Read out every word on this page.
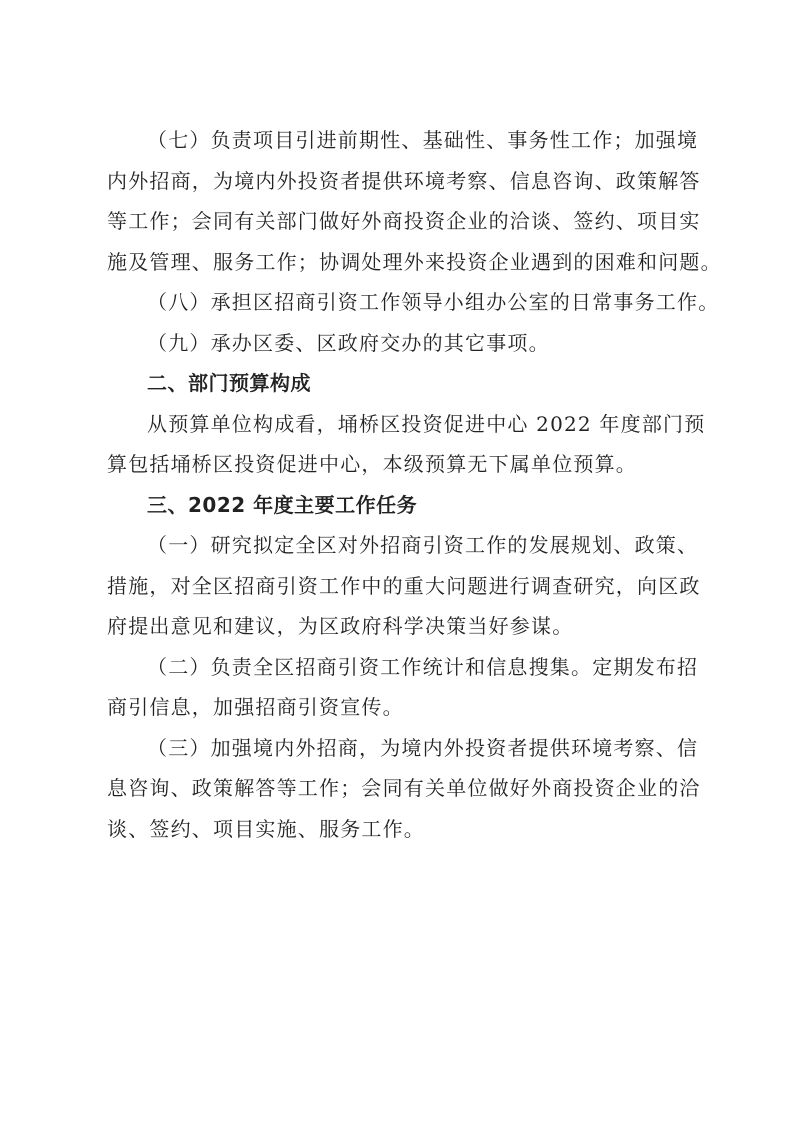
（七）负责项目引进前期性、基础性、事务性工作；加强境
内外招商，为境内外投资者提供环境考察、信息咨询、政策解答
等工作；会同有关部门做好外商投资企业的洽谈、签约、项目实
施及管理、服务工作；协调处理外来投资企业遇到的困难和问题。

（八）承担区招商引资工作领导小组办公室的日常事务工作。

（九）承办区委、区政府交办的其它事项。

二、部门预算构成

从预算单位构成看，埇桥区投资促进中心 2022 年度部门预
算包括埇桥区投资促进中心，本级预算无下属单位预算。

三、2022 年度主要工作任务

（一）研究拟定全区对外招商引资工作的发展规划、政策、
措施，对全区招商引资工作中的重大问题进行调查研究，向区政
府提出意见和建议，为区政府科学决策当好参谋。

（二）负责全区招商引资工作统计和信息搜集。定期发布招
商引信息，加强招商引资宣传。

（三）加强境内外招商，为境内外投资者提供环境考察、信
息咨询、政策解答等工作；会同有关单位做好外商投资企业的洽
谈、签约、项目实施、服务工作。
